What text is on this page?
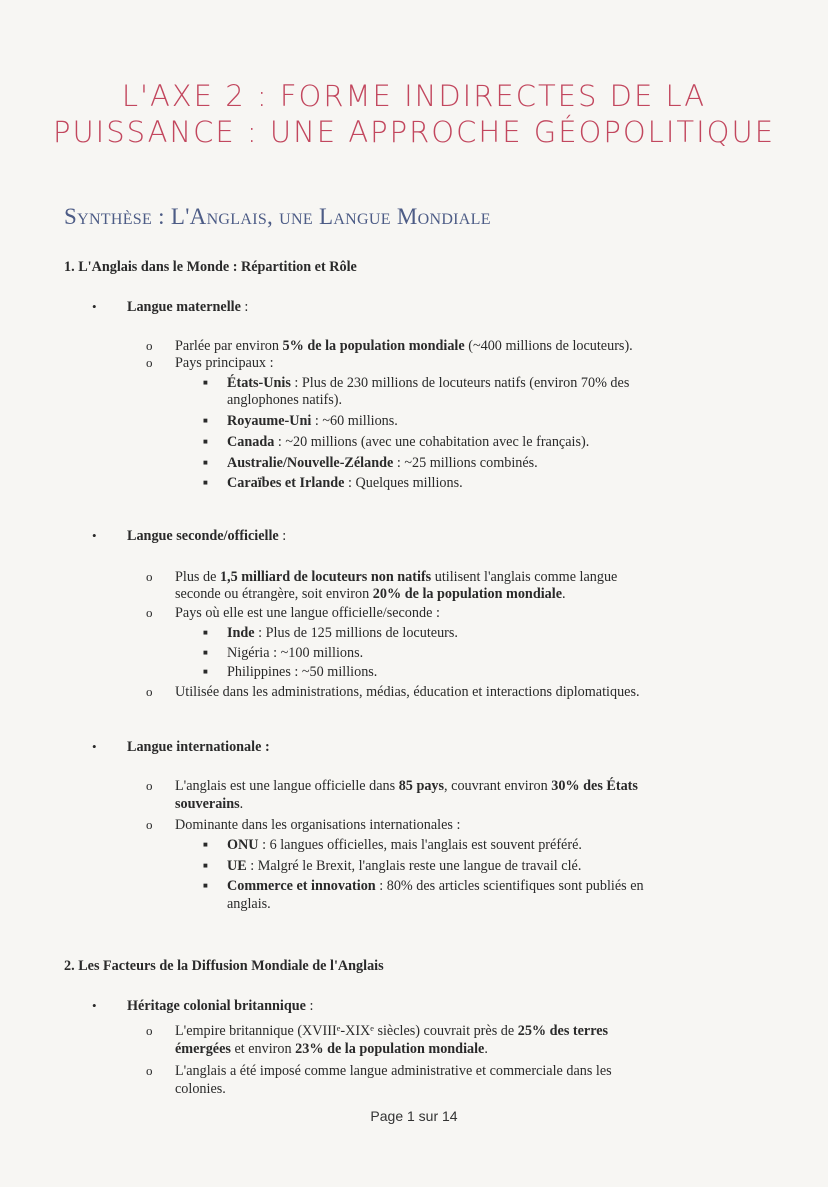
L'AXE 2 : FORME INDIRECTES DE LA
PUISSANCE : UNE APPROCHE GÉOPOLITIQUE
Synthèse : L'Anglais, une Langue Mondiale
1. L'Anglais dans le Monde : Répartition et Rôle
Langue maternelle :
•
Parlée par environ 5% de la population mondiale (~400 millions de locuteurs).
o
Pays principaux :
o
États-Unis : Plus de 230 millions de locuteurs natifs (environ 70% des
■
anglophones natifs).
Royaume-Uni : ~60 millions.
■
Canada : ~20 millions (avec une cohabitation avec le français).
■
Australie/Nouvelle-Zélande : ~25 millions combinés.
■
Caraïbes et Irlande : Quelques millions.
■
Langue seconde/officielle :
•
Plus de 1,5 milliard de locuteurs non natifs utilisent l'anglais comme langue
o
seconde ou étrangère, soit environ 20% de la population mondiale.
Pays où elle est une langue officielle/seconde :
o
Inde : Plus de 125 millions de locuteurs.
■
Nigéria : ~100 millions.
■
Philippines : ~50 millions.
■
Utilisée dans les administrations, médias, éducation et interactions diplomatiques.
o
Langue internationale :
•
L'anglais est une langue officielle dans 85 pays, couvrant environ 30% des États
o
souverains.
Dominante dans les organisations internationales :
o
ONU : 6 langues officielles, mais l'anglais est souvent préféré.
■
UE : Malgré le Brexit, l'anglais reste une langue de travail clé.
■
Commerce et innovation : 80% des articles scientifiques sont publiés en
■
anglais.
2. Les Facteurs de la Diffusion Mondiale de l'Anglais
Héritage colonial britannique :
•
L'empire britannique (XVIIIᵉ-XIXᵉ siècles) couvrait près de 25% des terres
o
émergées et environ 23% de la population mondiale.
L'anglais a été imposé comme langue administrative et commerciale dans les
o
colonies.
Page 1 sur 14
